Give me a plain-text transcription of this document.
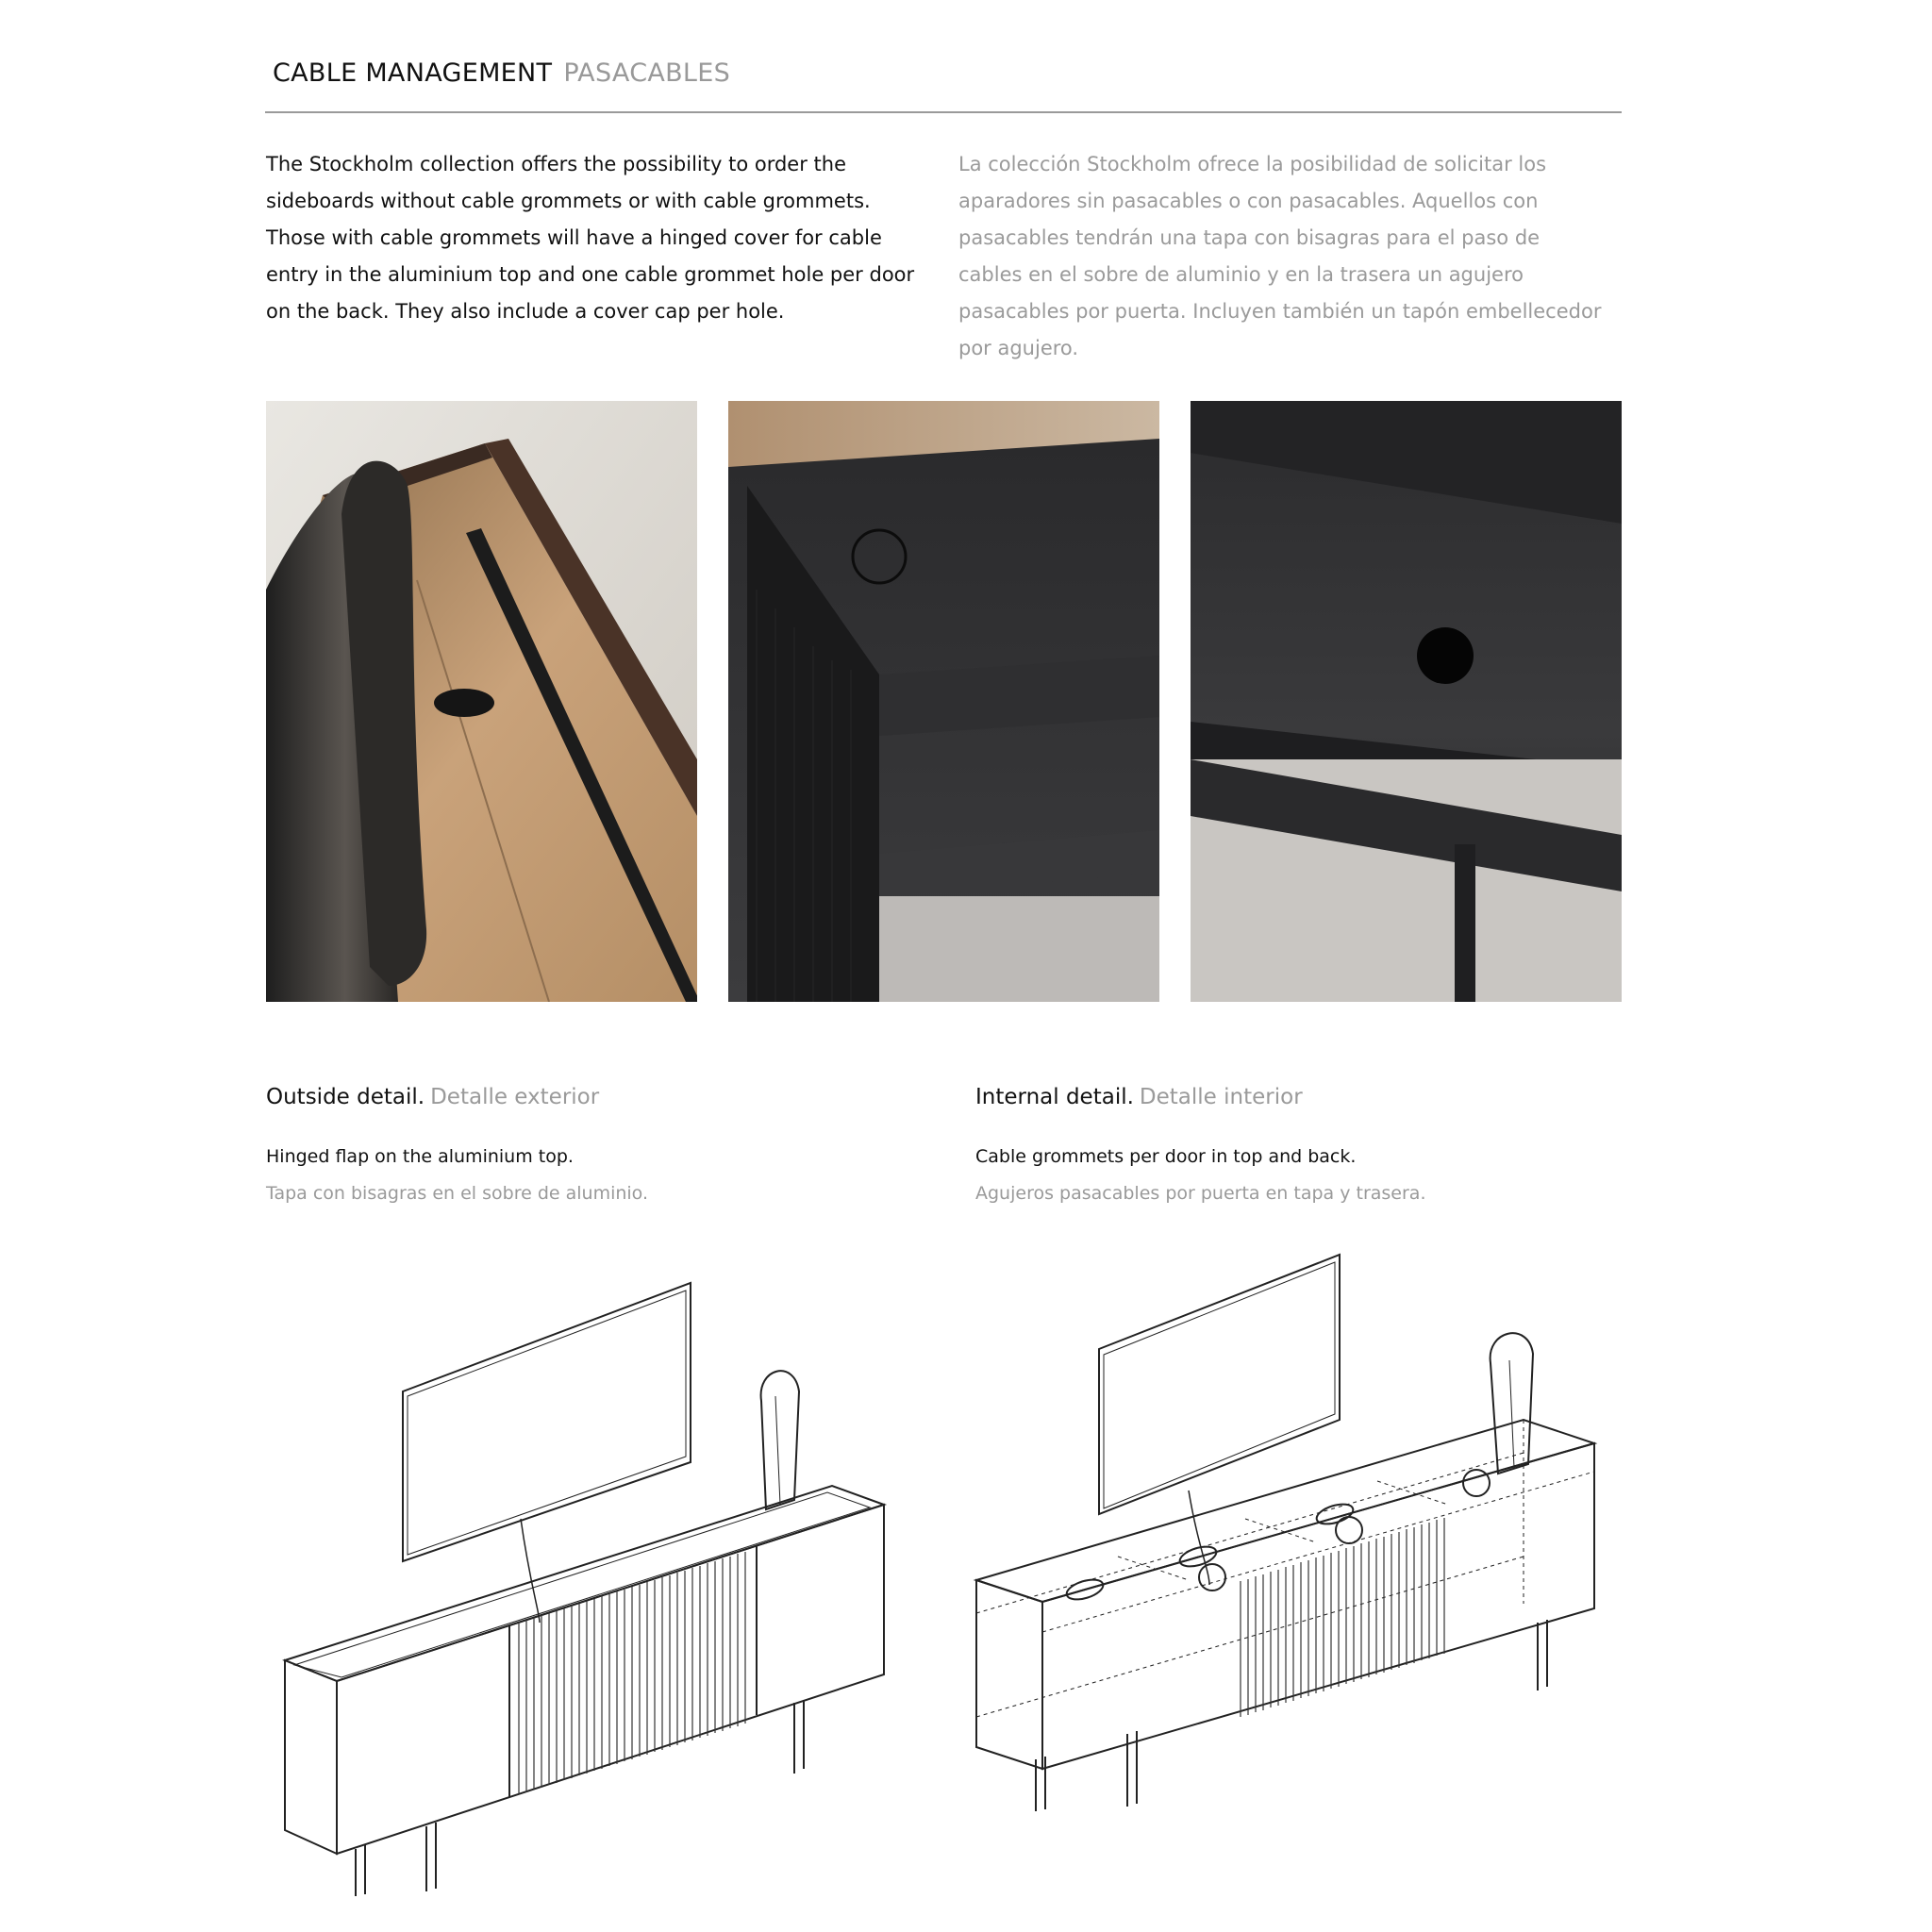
CABLE MANAGEMENT PASACABLES

The Stockholm collection offers the possibility to order the sideboards without cable grommets or with cable grommets. Those with cable grommets will have a hinged cover for cable entry in the aluminium top and one cable grommet hole per door on the back. They also include a cover cap per hole.

La colección Stockholm ofrece la posibilidad de solicitar los aparadores sin pasacables o con pasacables. Aquellos con pasacables tendrán una tapa con bisagras para el paso de cables en el sobre de aluminio y en la trasera un agujero pasacables por puerta. Incluyen también un tapón embellecedor por agujero.

Outside detail. Detalle exterior	Internal detail. Detalle interior
Hinged flap on the aluminium top.
Tapa con bisagras en el sobre de aluminio.
Cable grommets per door in top and back.
Agujeros pasacables por puerta en tapa y trasera.
